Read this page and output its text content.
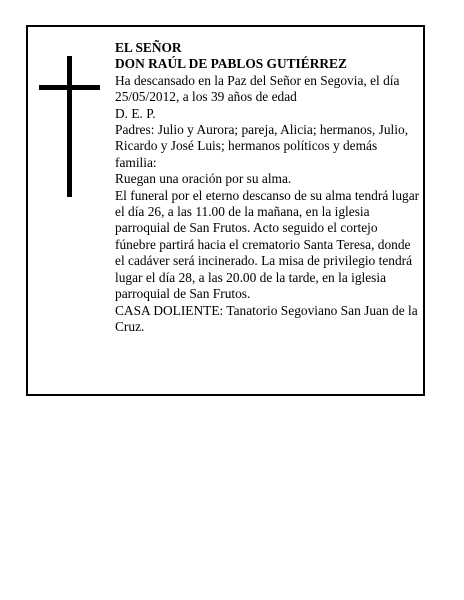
EL SEÑOR

DON RAÚL DE PABLOS GUTIÉRREZ

Ha descansado en la Paz del Señor en Segovia, el día 25/05/2012, a los 39 años de edad

D. E. P.

Padres: Julio y Aurora; pareja, Alicia; hermanos, Julio, Ricardo y José Luis; hermanos políticos y demás familia:

Ruegan una oración por su alma.

El funeral por el eterno descanso de su alma tendrá lugar el día 26, a las 11.00 de la mañana, en la iglesia parroquial de San Frutos. Acto seguido el cortejo fúnebre partirá hacia el crematorio Santa Teresa, donde el cadáver será incinerado. La misa de privilegio tendrá lugar el día 28, a las 20.00 de la tarde, en la iglesia parroquial de San Frutos.

CASA DOLIENTE: Tanatorio Segoviano San Juan de la Cruz.
